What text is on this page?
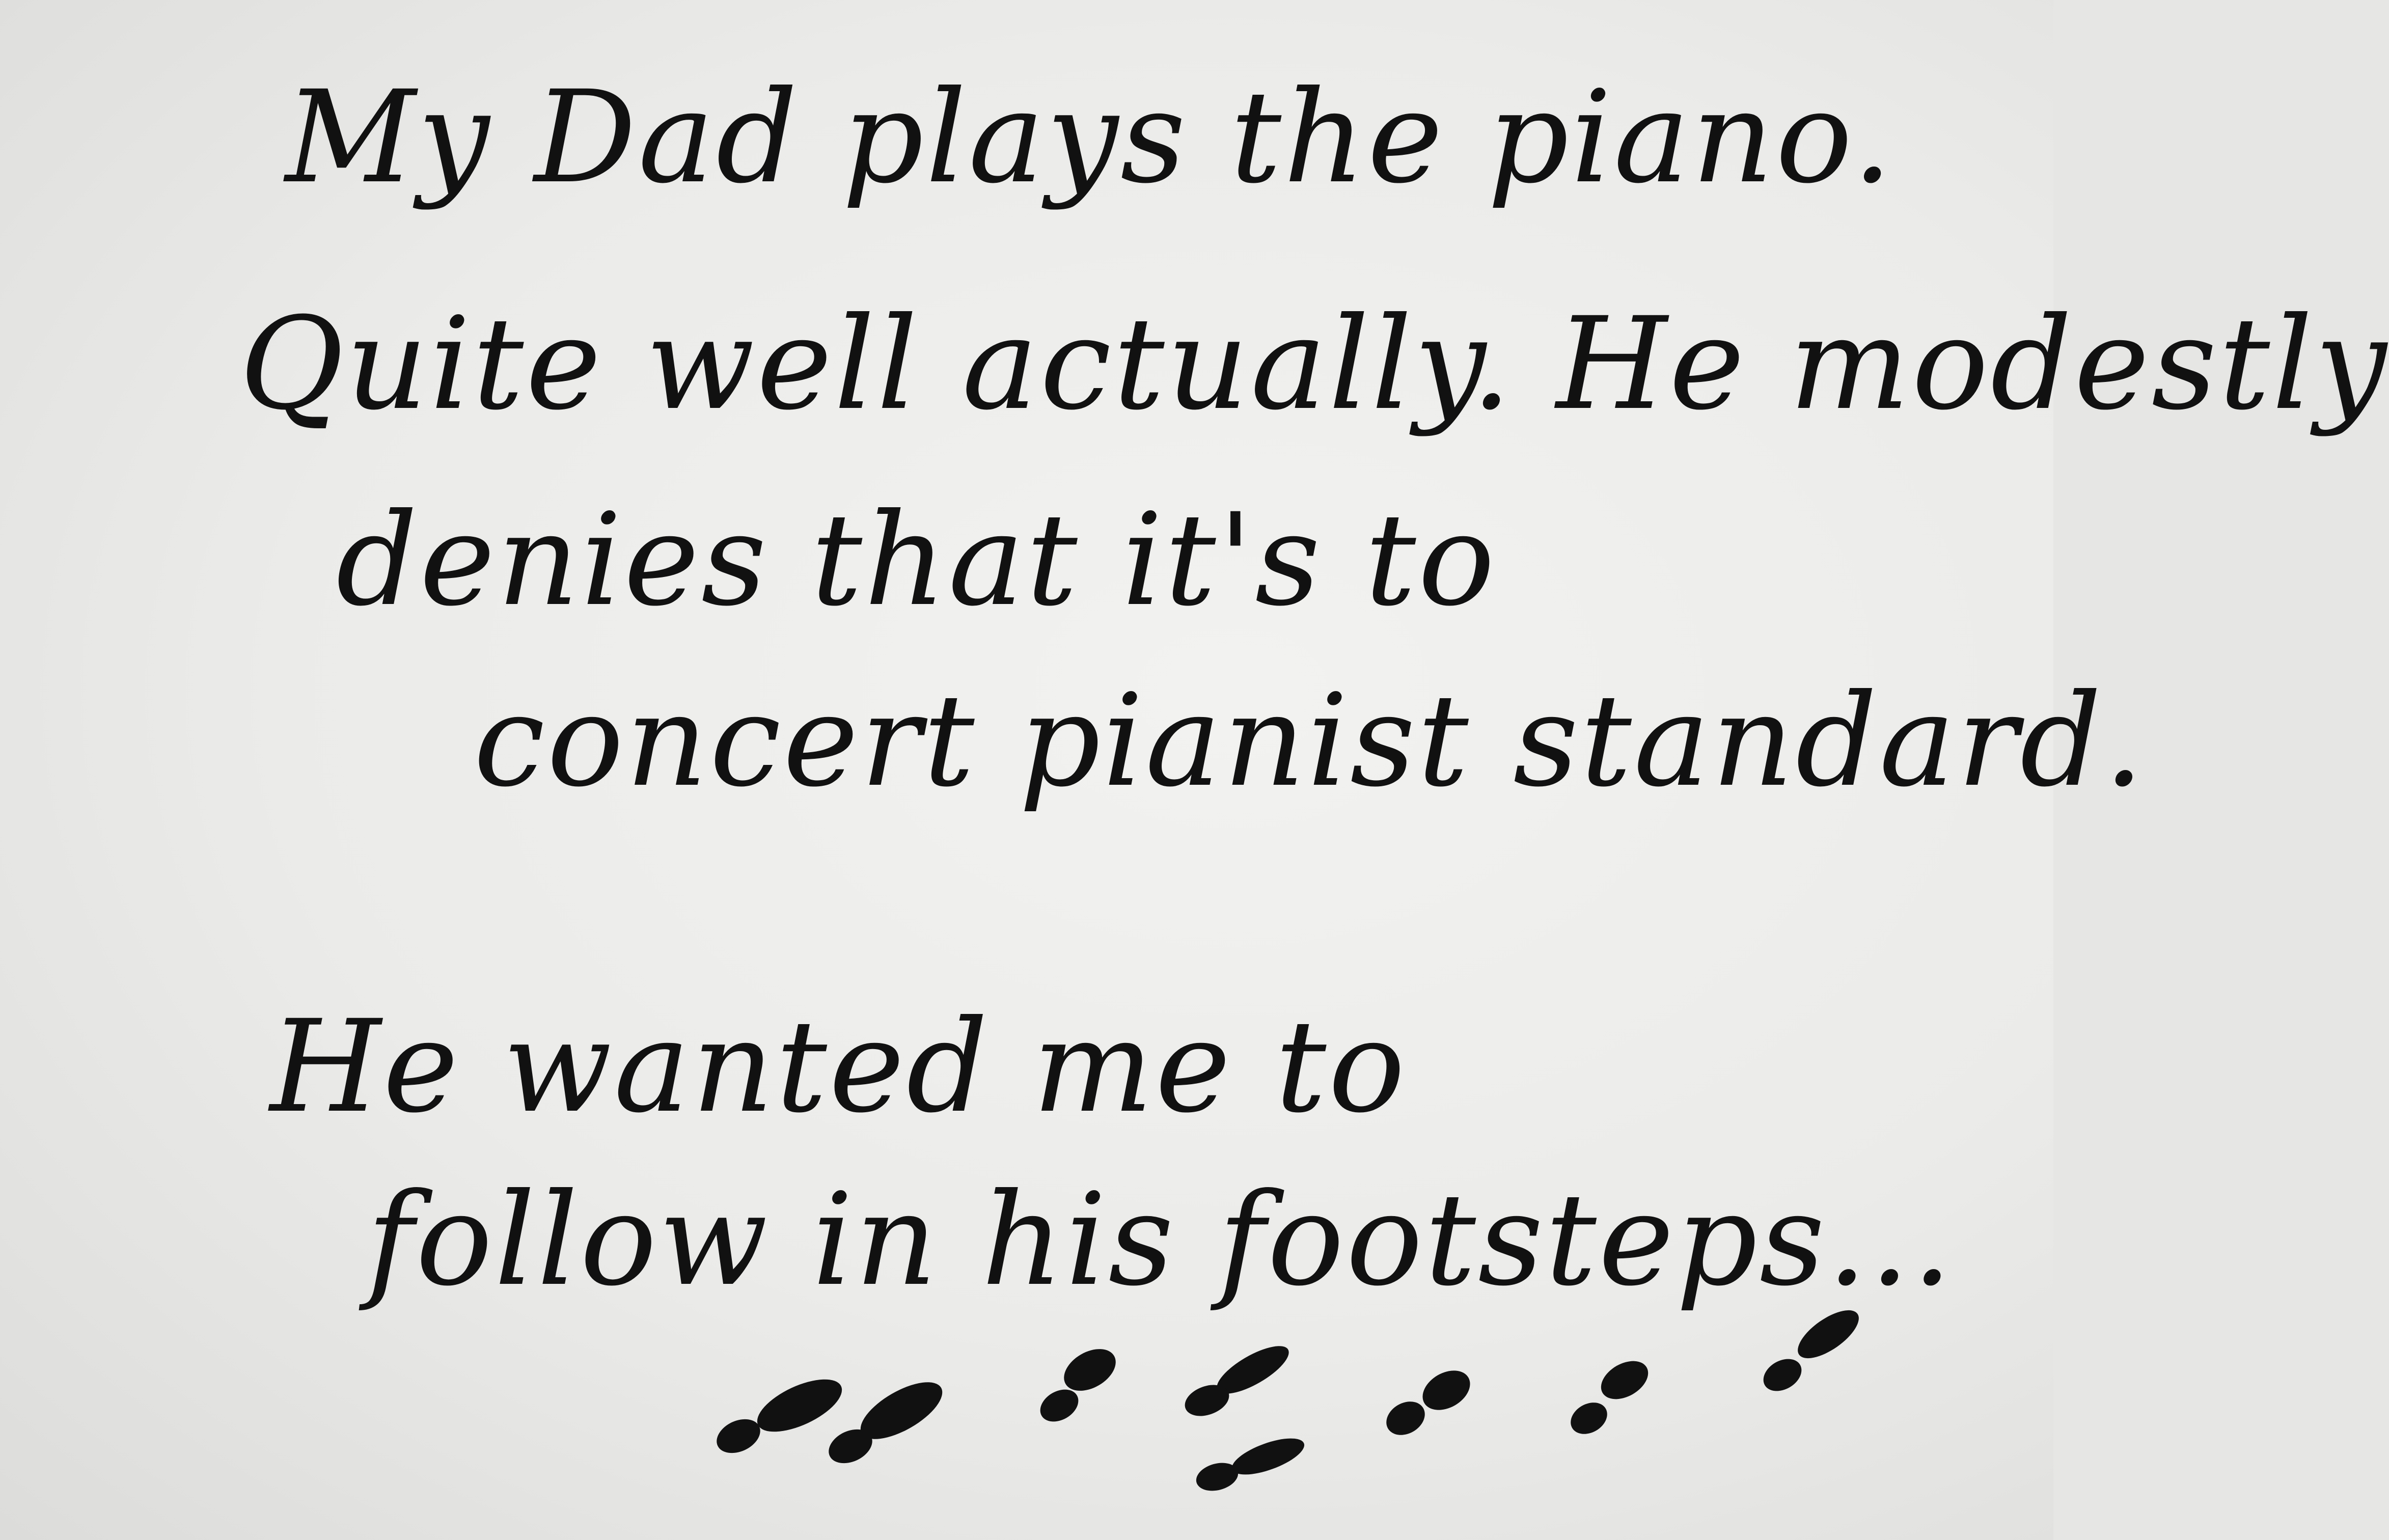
My Dad plays the piano.
Quite well actually. He modestly
denies that it's to
concert pianist standard.
He wanted me to
follow in his footsteps...
